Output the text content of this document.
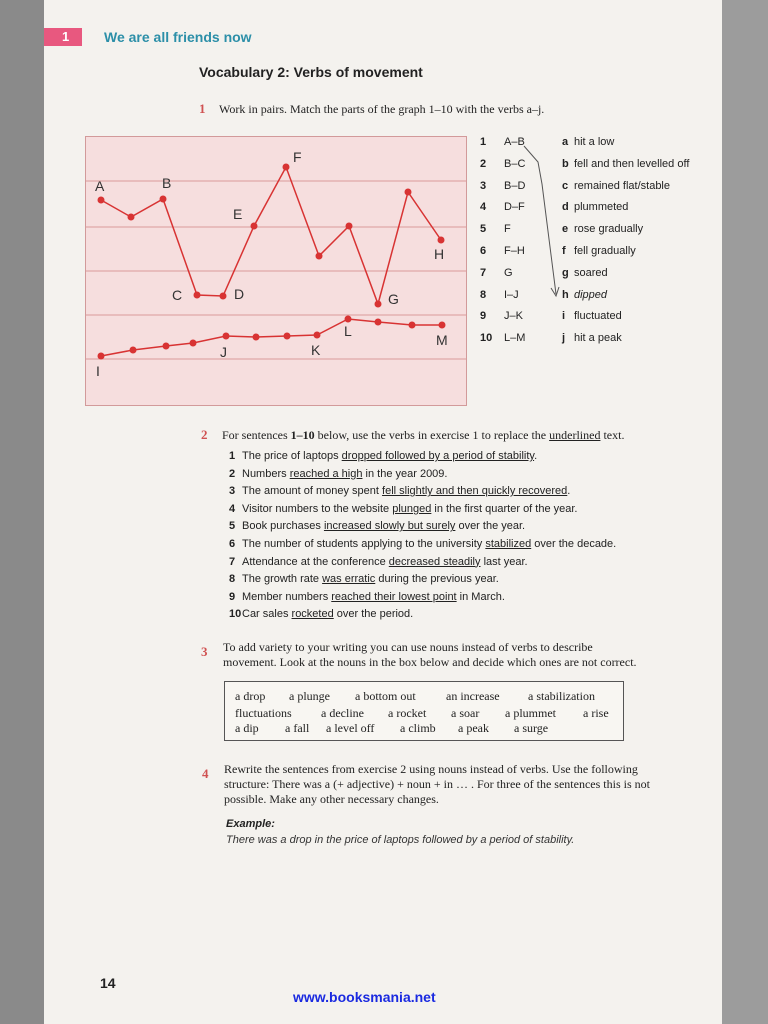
1 We are all friends now
Vocabulary 2: Verbs of movement
1 Work in pairs. Match the parts of the graph 1–10 with the verbs a–j.
A	B
C	D
E
F
G
H
I
J	K
L
M
1 A–B	a hit a low
2 B–C	b fell and then levelled off
3 B–D	c remained flat/stable
4 D–F	d plummeted
5 F	e rose gradually
6 F–H	f fell gradually
7 G	g soared
8 I–J	h dipped
9 J–K	i fluctuated
10 L–M	j hit a peak
2 For sentences 1–10 below, use the verbs in exercise 1 to replace the underlined text.
1 The price of laptops dropped followed by a period of stability.
2 Numbers reached a high in the year 2009.
3 The amount of money spent fell slightly and then quickly recovered.
4 Visitor numbers to the website plunged in the first quarter of the year.
5 Book purchases increased slowly but surely over the year.
6 The number of students applying to the university stabilized over the decade.
7 Attendance at the conference decreased steadily last year.
8 The growth rate was erratic during the previous year.
9 Member numbers reached their lowest point in March.
10Car sales rocketed over the period.
3 To add variety to your writing you can use nouns instead of verbs to describe
movement. Look at the nouns in the box below and decide which ones are not correct.
a drop a plunge a bottom out	an increase a stabilization
fluctuations a decline a rocket a soar a plummet a rise
a dip a fall a level off a climb a peak a surge
4 Rewrite the sentences from exercise 2 using nouns instead of verbs. Use the following
structure: There was a (+ adjective) + noun + in … . For three of the sentences this is not
possible. Make any other necessary changes.
Example:
There was a drop in the price of laptops followed by a period of stability.
14
www.booksmania.net
